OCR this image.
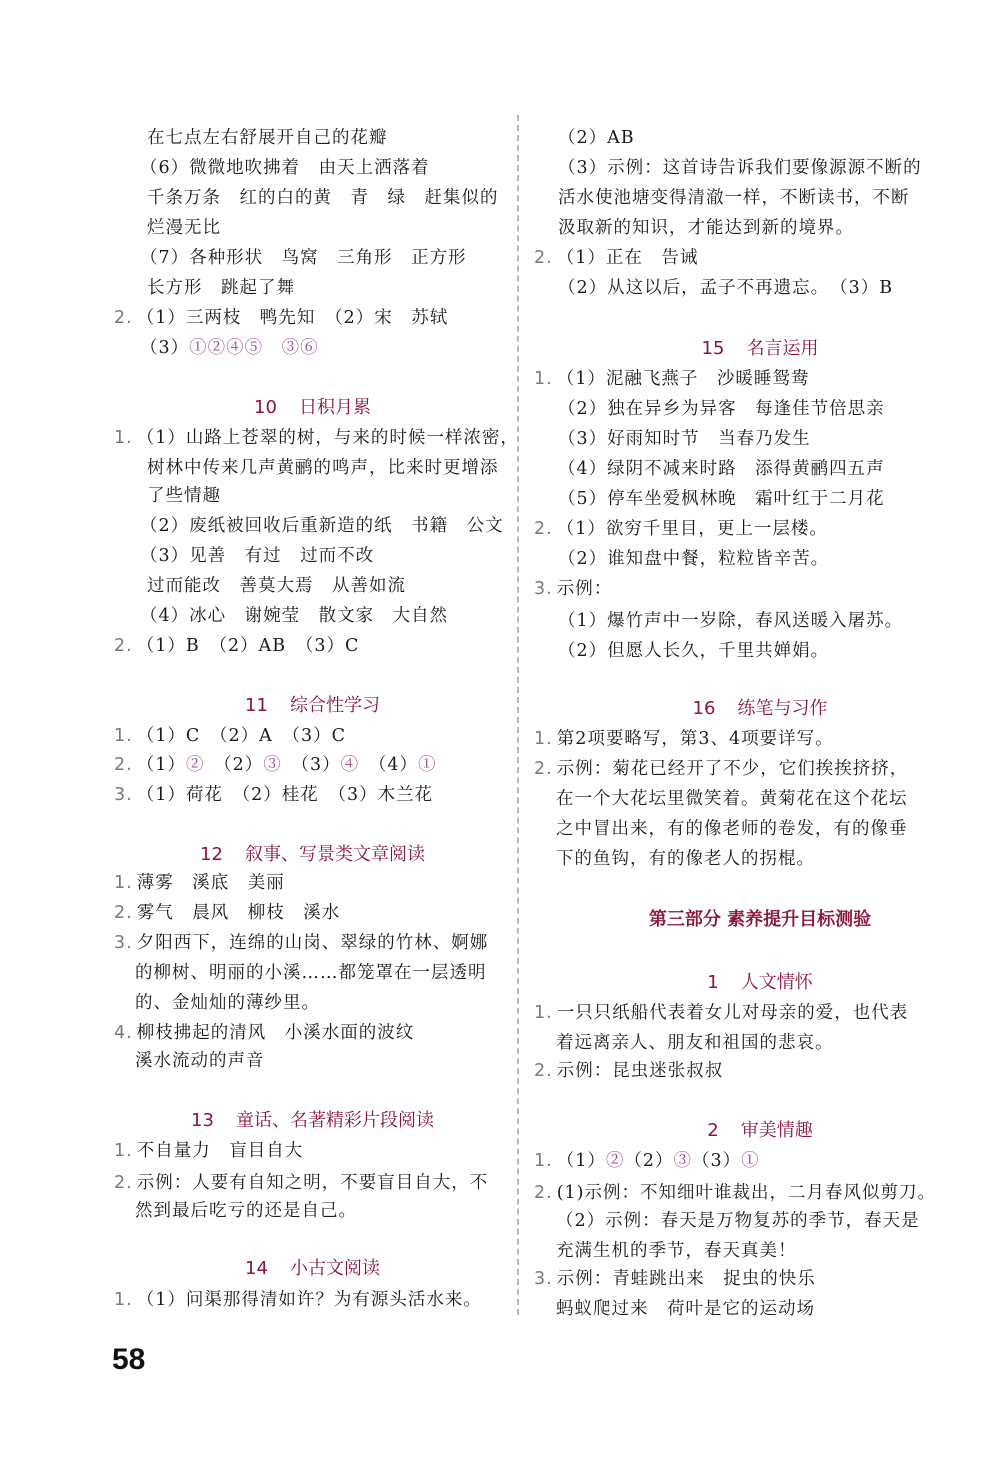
在七点左右舒展开自己的花瓣
（6）微微地吹拂着　由天上洒落着
千条万条　红的白的黄　青　绿　赶集似的
烂漫无比
（7）各种形状　鸟窝　三角形　正方形
长方形　跳起了舞
2. （1）三两枝　鸭先知　（2）宋　苏轼
（3）①②④⑤　③⑥
10 日积月累
1. （1）山路上苍翠的树，与来的时候一样浓密，
树林中传来几声黄鹂的鸣声，比来时更增添
了些情趣
（2）废纸被回收后重新造的纸　书籍　公文
（3）见善　有过　过而不改
过而能改　善莫大焉　从善如流
（4）冰心　谢婉莹　散文家　大自然
2. （1）B　（2）AB　（3）C
11 综合性学习
1. （1）C　（2）A　（3）C
2. （1）②　（2）③　（3）④　（4）①
3. （1）荷花　（2）桂花　（3）木兰花
12 叙事、写景类文章阅读
1. 薄雾　溪底　美丽
2. 雾气　晨风　柳枝　溪水
3. 夕阳西下，连绵的山岗、翠绿的竹林、婀娜
的柳树、明丽的小溪……都笼罩在一层透明
的、金灿灿的薄纱里。
4. 柳枝拂起的清风　小溪水面的波纹
溪水流动的声音
13 童话、名著精彩片段阅读
1. 不自量力　盲目自大
2. 示例：人要有自知之明，不要盲目自大，不
然到最后吃亏的还是自己。
14 小古文阅读
1. （1）问渠那得清如许？为有源头活水来。
（2）AB
（3）示例：这首诗告诉我们要像源源不断的
活水使池塘变得清澈一样，不断读书，不断
汲取新的知识，才能达到新的境界。
2. （1）正在　告诫
（2）从这以后，孟子不再遗忘。　（3）B
15 名言运用
1. （1）泥融飞燕子　沙暖睡鸳鸯
（2）独在异乡为异客　每逢佳节倍思亲
（3）好雨知时节　当春乃发生
（4）绿阴不减来时路　添得黄鹂四五声
（5）停车坐爱枫林晚　霜叶红于二月花
2. （1）欲穷千里目，更上一层楼。
（2）谁知盘中餐，粒粒皆辛苦。
3. 示例：
（1）爆竹声中一岁除，春风送暖入屠苏。
（2）但愿人长久，千里共婵娟。
16 练笔与习作
1. 第2项要略写，第3、4项要详写。
2. 示例：菊花已经开了不少，它们挨挨挤挤，
在一个大花坛里微笑着。黄菊花在这个花坛
之中冒出来，有的像老师的卷发，有的像垂
下的鱼钩，有的像老人的拐棍。
第三部分 素养提升目标测验
1 人文情怀
1. 一只只纸船代表着女儿对母亲的爱，也代表
着远离亲人、朋友和祖国的悲哀。
2. 示例：昆虫迷张叔叔
2 审美情趣
1. （1）②（2）③（3）①
2. (1)示例：不知细叶谁裁出，二月春风似剪刀。
（2）示例：春天是万物复苏的季节，春天是
充满生机的季节，春天真美！
3. 示例：青蛙跳出来　捉虫的快乐
蚂蚁爬过来　荷叶是它的运动场
58
